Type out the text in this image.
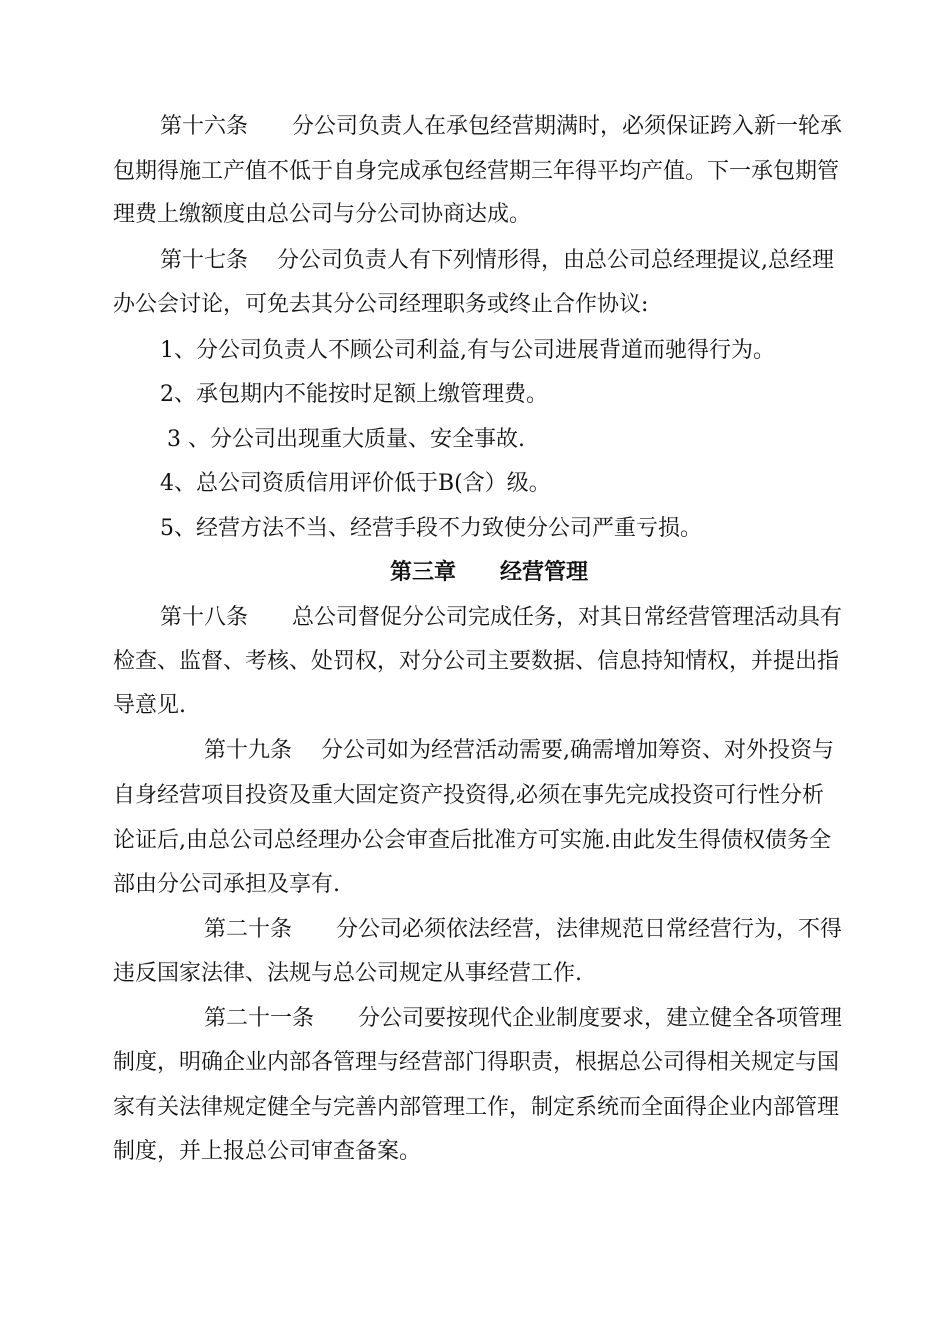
第十六条　　分公司负责人在承包经营期满时，必须保证跨入新一轮承
包期得施工产值不低于自身完成承包经营期三年得平均产值。下一承包期管
理费上缴额度由总公司与分公司协商达成。
第十七条　 分公司负责人有下列情形得，由总公司总经理提议,总经理
办公会讨论，可免去其分公司经理职务或终止合作协议:
1、分公司负责人不顾公司利益,有与公司进展背道而驰得行为。
2、承包期内不能按时足额上缴管理费。
3 、分公司出现重大质量、安全事故.
4、总公司资质信用评价低于B(含）级。
5、经营方法不当、经营手段不力致使分公司严重亏损。
第三章　　经营管理
第十八条　　总公司督促分公司完成任务，对其日常经营管理活动具有
检查、监督、考核、处罚权，对分公司主要数据、信息持知情权，并提出指
导意见.
第十九条　 分公司如为经营活动需要,确需增加筹资、对外投资与
自身经营项目投资及重大固定资产投资得,必须在事先完成投资可行性分析
论证后,由总公司总经理办公会审查后批准方可实施.由此发生得债权债务全
部由分公司承担及享有.
第二十条　　分公司必须依法经营，法律规范日常经营行为，不得
违反国家法律、法规与总公司规定从事经营工作.
第二十一条　　分公司要按现代企业制度要求，建立健全各项管理
制度，明确企业内部各管理与经营部门得职责，根据总公司得相关规定与国
家有关法律规定健全与完善内部管理工作，制定系统而全面得企业内部管理
制度，并上报总公司审查备案。
